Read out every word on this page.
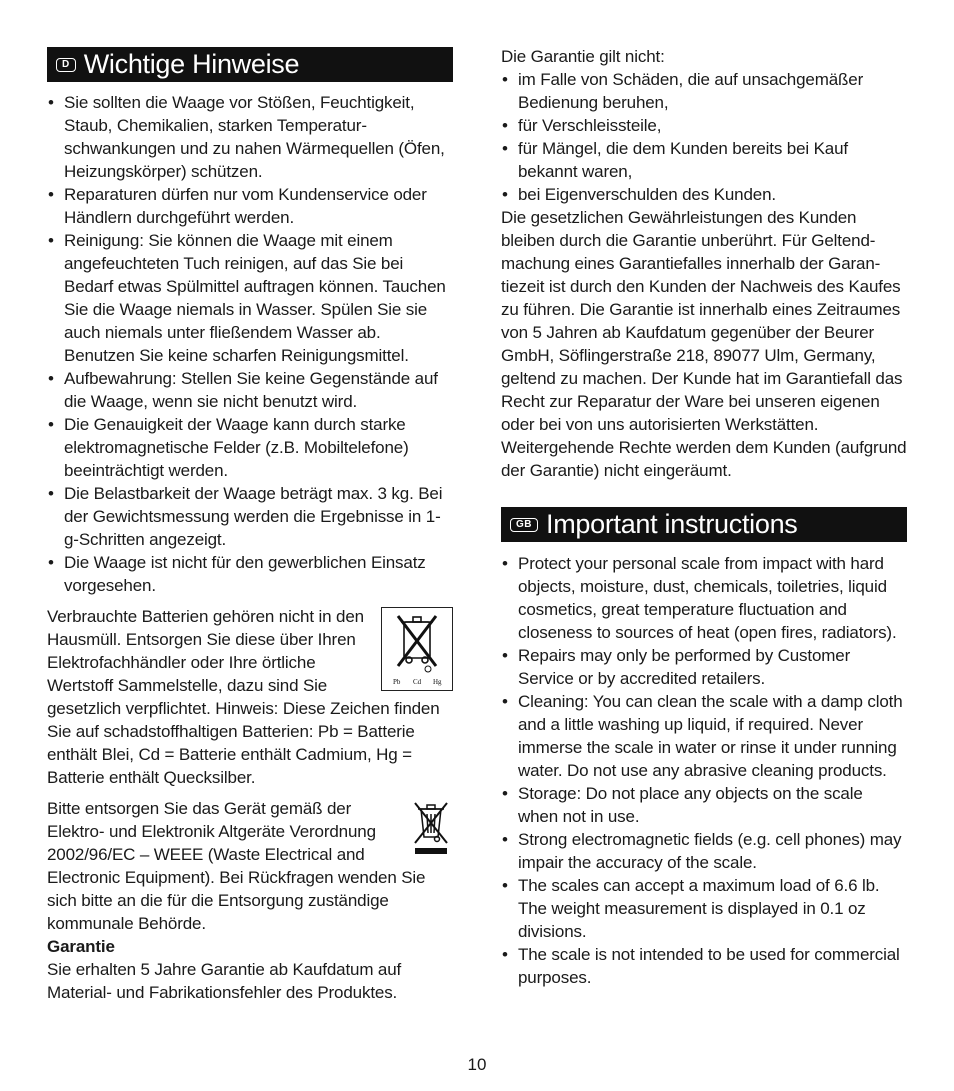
D Wichtige Hinweise
• Sie sollten die Waage vor Stößen, Feuchtigkeit, Staub, Chemikalien, starken Temperaturschwankungen und zu nahen Wärmequellen (Öfen, Heizungskörper) schützen.
• Reparaturen dürfen nur vom Kundenservice oder Händlern durchgeführt werden.
• Reinigung: Sie können die Waage mit einem angefeuchteten Tuch reinigen, auf das Sie bei Bedarf etwas Spülmittel auftragen können. Tauchen Sie die Waage niemals in Wasser. Spülen Sie sie auch niemals unter fließendem Wasser ab. Benutzen Sie keine scharfen Reinigungsmittel.
• Aufbewahrung: Stellen Sie keine Gegenstände auf die Waage, wenn sie nicht benutzt wird.
• Die Genauigkeit der Waage kann durch starke elektromagnetische Felder (z.B. Mobiltelefone) beeinträchtigt werden.
• Die Belastbarkeit der Waage beträgt max. 3 kg. Bei der Gewichtsmessung werden die Ergebnisse in 1-g-Schritten angezeigt.
• Die Waage ist nicht für den gewerblichen Einsatz vorgesehen.
Pb Cd Hg
Verbrauchte Batterien gehören nicht in den Hausmüll. Entsorgen Sie diese über Ihren Elektrofachhändler oder Ihre örtliche Wertstoff Sammelstelle, dazu sind Sie gesetzlich verpflichtet. Hinweis: Diese Zeichen finden Sie auf schadstoffhaltigen Batterien: Pb = Batterie enthält Blei, Cd = Batterie enthält Cadmium, Hg = Batterie enthält Quecksilber.
Bitte entsorgen Sie das Gerät gemäß der Elektro- und Elektronik Altgeräte Verordnung 2002/96/EC – WEEE (Waste Electrical and Electronic Equipment). Bei Rückfragen wenden Sie sich bitte an die für die Entsorgung zuständige kommunale Behörde.
Garantie
Sie erhalten 5 Jahre Garantie ab Kaufdatum auf Material- und Fabrikationsfehler des Produktes.
Die Garantie gilt nicht:
• im Falle von Schäden, die auf unsachgemäßer Bedienung beruhen,
• für Verschleissteile,
• für Mängel, die dem Kunden bereits bei Kauf bekannt waren,
• bei Eigenverschulden des Kunden.
Die gesetzlichen Gewährleistungen des Kunden bleiben durch die Garantie unberührt. Für Geltendmachung eines Garantiefalles innerhalb der Garantiezeit ist durch den Kunden der Nachweis des Kaufes zu führen. Die Garantie ist innerhalb eines Zeitraumes von 5 Jahren ab Kaufdatum gegenüber der Beurer GmbH, Söflingerstraße 218, 89077 Ulm, Germany, geltend zu machen. Der Kunde hat im Garantiefall das Recht zur Reparatur der Ware bei unseren eigenen oder bei von uns autorisierten Werkstätten. Weitergehende Rechte werden dem Kunden (aufgrund der Garantie) nicht eingeräumt.
GB Important instructions
• Protect your personal scale from impact with hard objects, moisture, dust, chemicals, toiletries, liquid cosmetics, great temperature fluctuation and closeness to sources of heat (open fires, radiators).
• Repairs may only be performed by Customer Service or by accredited retailers.
• Cleaning: You can clean the scale with a damp cloth and a little washing up liquid, if required. Never immerse the scale in water or rinse it under running water. Do not use any abrasive cleaning products.
• Storage: Do not place any objects on the scale when not in use.
• Strong electromagnetic fields (e.g. cell phones) may impair the accuracy of the scale.
• The scales can accept a maximum load of 6.6 lb. The weight measurement is displayed in 0.1 oz divisions.
• The scale is not intended to be used for commercial purposes.
10
